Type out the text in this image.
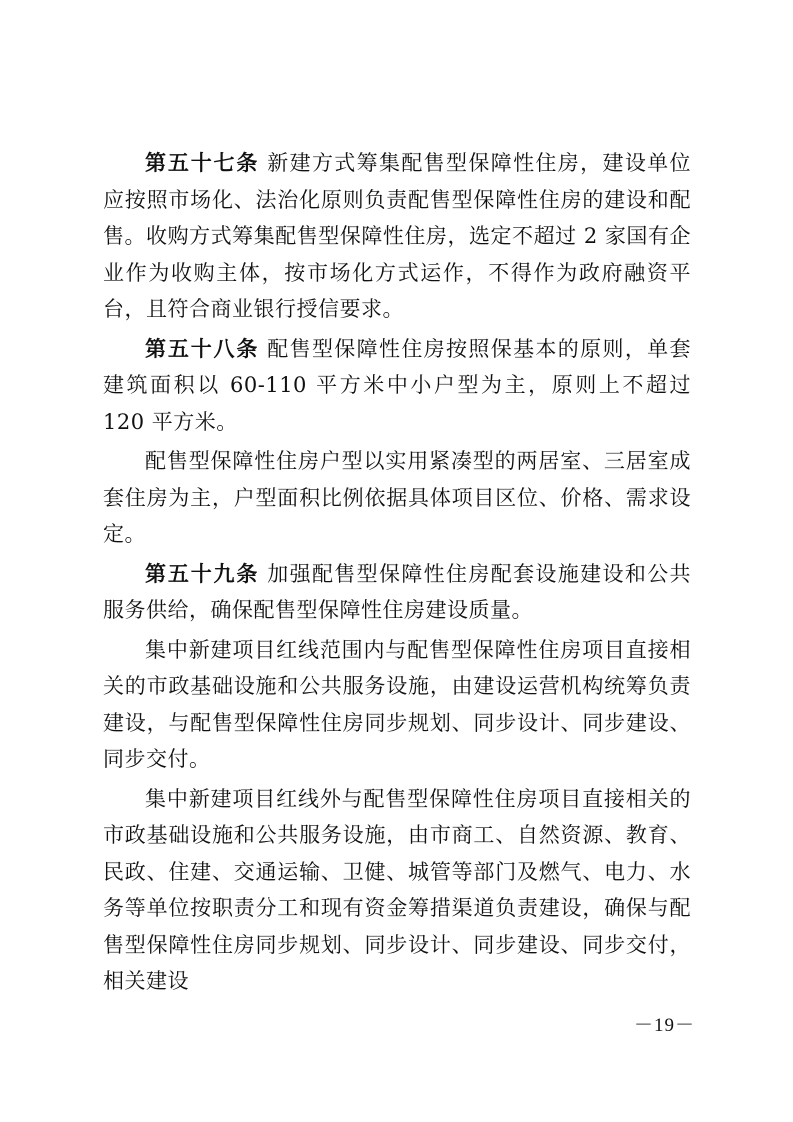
第五十七条 新建方式筹集配售型保障性住房，建设单位应按照市场化、法治化原则负责配售型保障性住房的建设和配售。收购方式筹集配售型保障性住房，选定不超过 2 家国有企业作为收购主体，按市场化方式运作，不得作为政府融资平台，且符合商业银行授信要求。

第五十八条 配售型保障性住房按照保基本的原则，单套建筑面积以 60-110 平方米中小户型为主，原则上不超过 120 平方米。

配售型保障性住房户型以实用紧凑型的两居室、三居室成套住房为主，户型面积比例依据具体项目区位、价格、需求设定。

第五十九条 加强配售型保障性住房配套设施建设和公共服务供给，确保配售型保障性住房建设质量。

集中新建项目红线范围内与配售型保障性住房项目直接相关的市政基础设施和公共服务设施，由建设运营机构统筹负责建设，与配售型保障性住房同步规划、同步设计、同步建设、同步交付。

集中新建项目红线外与配售型保障性住房项目直接相关的市政基础设施和公共服务设施，由市商工、自然资源、教育、民政、住建、交通运输、卫健、城管等部门及燃气、电力、水务等单位按职责分工和现有资金筹措渠道负责建设，确保与配售型保障性住房同步规划、同步设计、同步建设、同步交付，相关建设

－19－
